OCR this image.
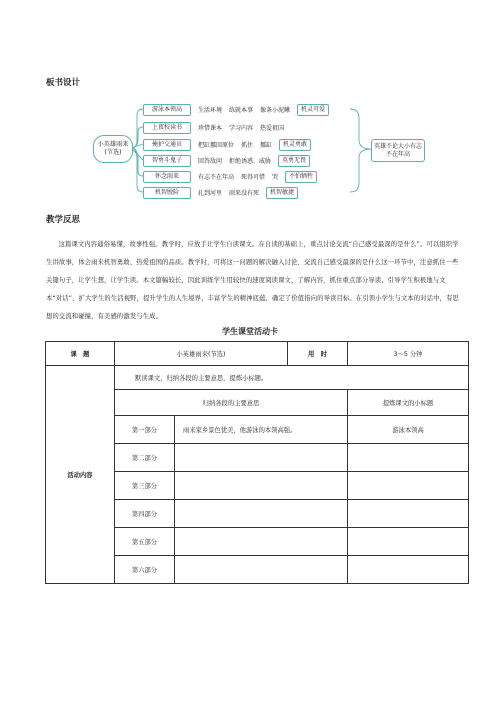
板书设计
小英雄雨来(节选)
游泳本领高	生活环境 练就本事 像条小泥鳅	机灵可爱
上夜校读书	珍惜课本 学习内容 热爱祖国
掩护交通员	把缸挪回原位 抓住 挪缸	机灵勇敢
智勇斗鬼子	回答敌问 拒绝诱惑、威胁	英勇无畏
怀念雨来	有志不在年高 死得可惜 哭	不怕牺牲
机智脱险	扎到河里 雨来没有死	机智敏捷
英雄不论大小有志不在年高
教学反思

这篇课文内容通俗易懂，故事性强。教学时，应放手让学生自读课文。在自读的基础上，重点讨论交流“自己感受最深的是什么”。可以组织学生讲故事，体会雨来机智勇敢、热爱祖国的品质。教学时，可将这一问题的解决融入讨论、交流自己感受最深的是什么这一环节中，注意抓住一些关键句子，让学生想，让学生读。本文篇幅较长，因此训练学生用较快的速度阅读课文，了解内容，抓住重点部分导读，引导学生积极地与文本“对话”，扩大学生的生活视野，提升学生的人生境界，丰富学生的精神底蕴，确定了价值指向的导读目标。在引领小学生与文本的对话中，有思想的交流和碰撞，有美感的激发与生成。

学生课堂活动卡
课　题	小英雄雨来(节选)		用　时	3～5 分钟
活动内容	默读课文，归纳各段的主要意思，提炼小标题。			
	归纳各段的主要意思			提炼课文的小标题
	第一部分	雨来家乡景色优美，他游泳的本领高强。		游泳本领高
	第二部分			
	第三部分			
	第四部分			
	第五部分			
	第六部分			
